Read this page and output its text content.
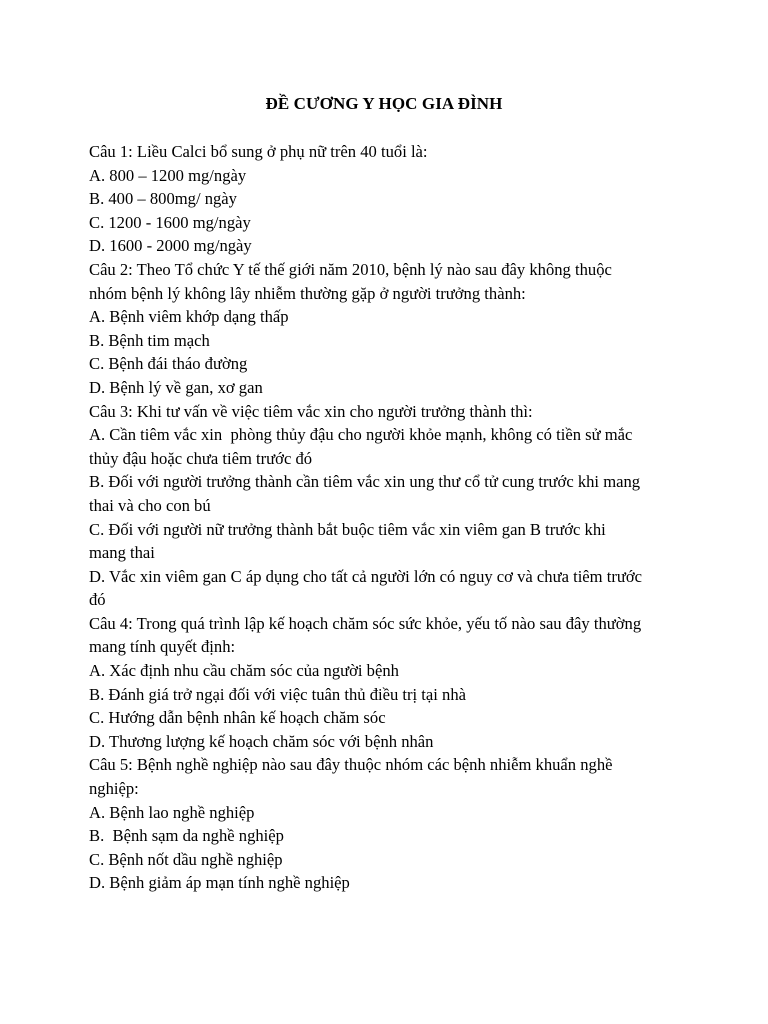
ĐỀ CƯƠNG Y HỌC GIA ĐÌNH
Câu 1: Liều Calci bổ sung ở phụ nữ trên 40 tuổi là:
A. 800 – 1200 mg/ngày
B. 400 – 800mg/ ngày
C. 1200 - 1600 mg/ngày
D. 1600 - 2000 mg/ngày
Câu 2: Theo Tổ chức Y tế thế giới năm 2010, bệnh lý nào sau đây không thuộc
nhóm bệnh lý không lây nhiễm thường gặp ở người trưởng thành:
A. Bệnh viêm khớp dạng thấp
B. Bệnh tim mạch
C. Bệnh đái tháo đường
D. Bệnh lý về gan, xơ gan
Câu 3: Khi tư vấn về việc tiêm vắc xin cho người trưởng thành thì:
A. Cần tiêm vắc xin  phòng thủy đậu cho người khỏe mạnh, không có tiền sử mắc
thủy đậu hoặc chưa tiêm trước đó
B. Đối với người trưởng thành cần tiêm vắc xin ung thư cổ tử cung trước khi mang
thai và cho con bú
C. Đối với người nữ trưởng thành bắt buộc tiêm vắc xin viêm gan B trước khi
mang thai
D. Vắc xin viêm gan C áp dụng cho tất cả người lớn có nguy cơ và chưa tiêm trước
đó
Câu 4: Trong quá trình lập kế hoạch chăm sóc sức khỏe, yếu tố nào sau đây thường
mang tính quyết định:
A. Xác định nhu cầu chăm sóc của người bệnh
B. Đánh giá trở ngại đối với việc tuân thủ điều trị tại nhà
C. Hướng dẫn bệnh nhân kế hoạch chăm sóc
D. Thương lượng kế hoạch chăm sóc với bệnh nhân
Câu 5: Bệnh nghề nghiệp nào sau đây thuộc nhóm các bệnh nhiễm khuẩn nghề
nghiệp:
A. Bệnh lao nghề nghiệp
B.  Bệnh sạm da nghề nghiệp
C. Bệnh nốt dầu nghề nghiệp
D. Bệnh giảm áp mạn tính nghề nghiệp
